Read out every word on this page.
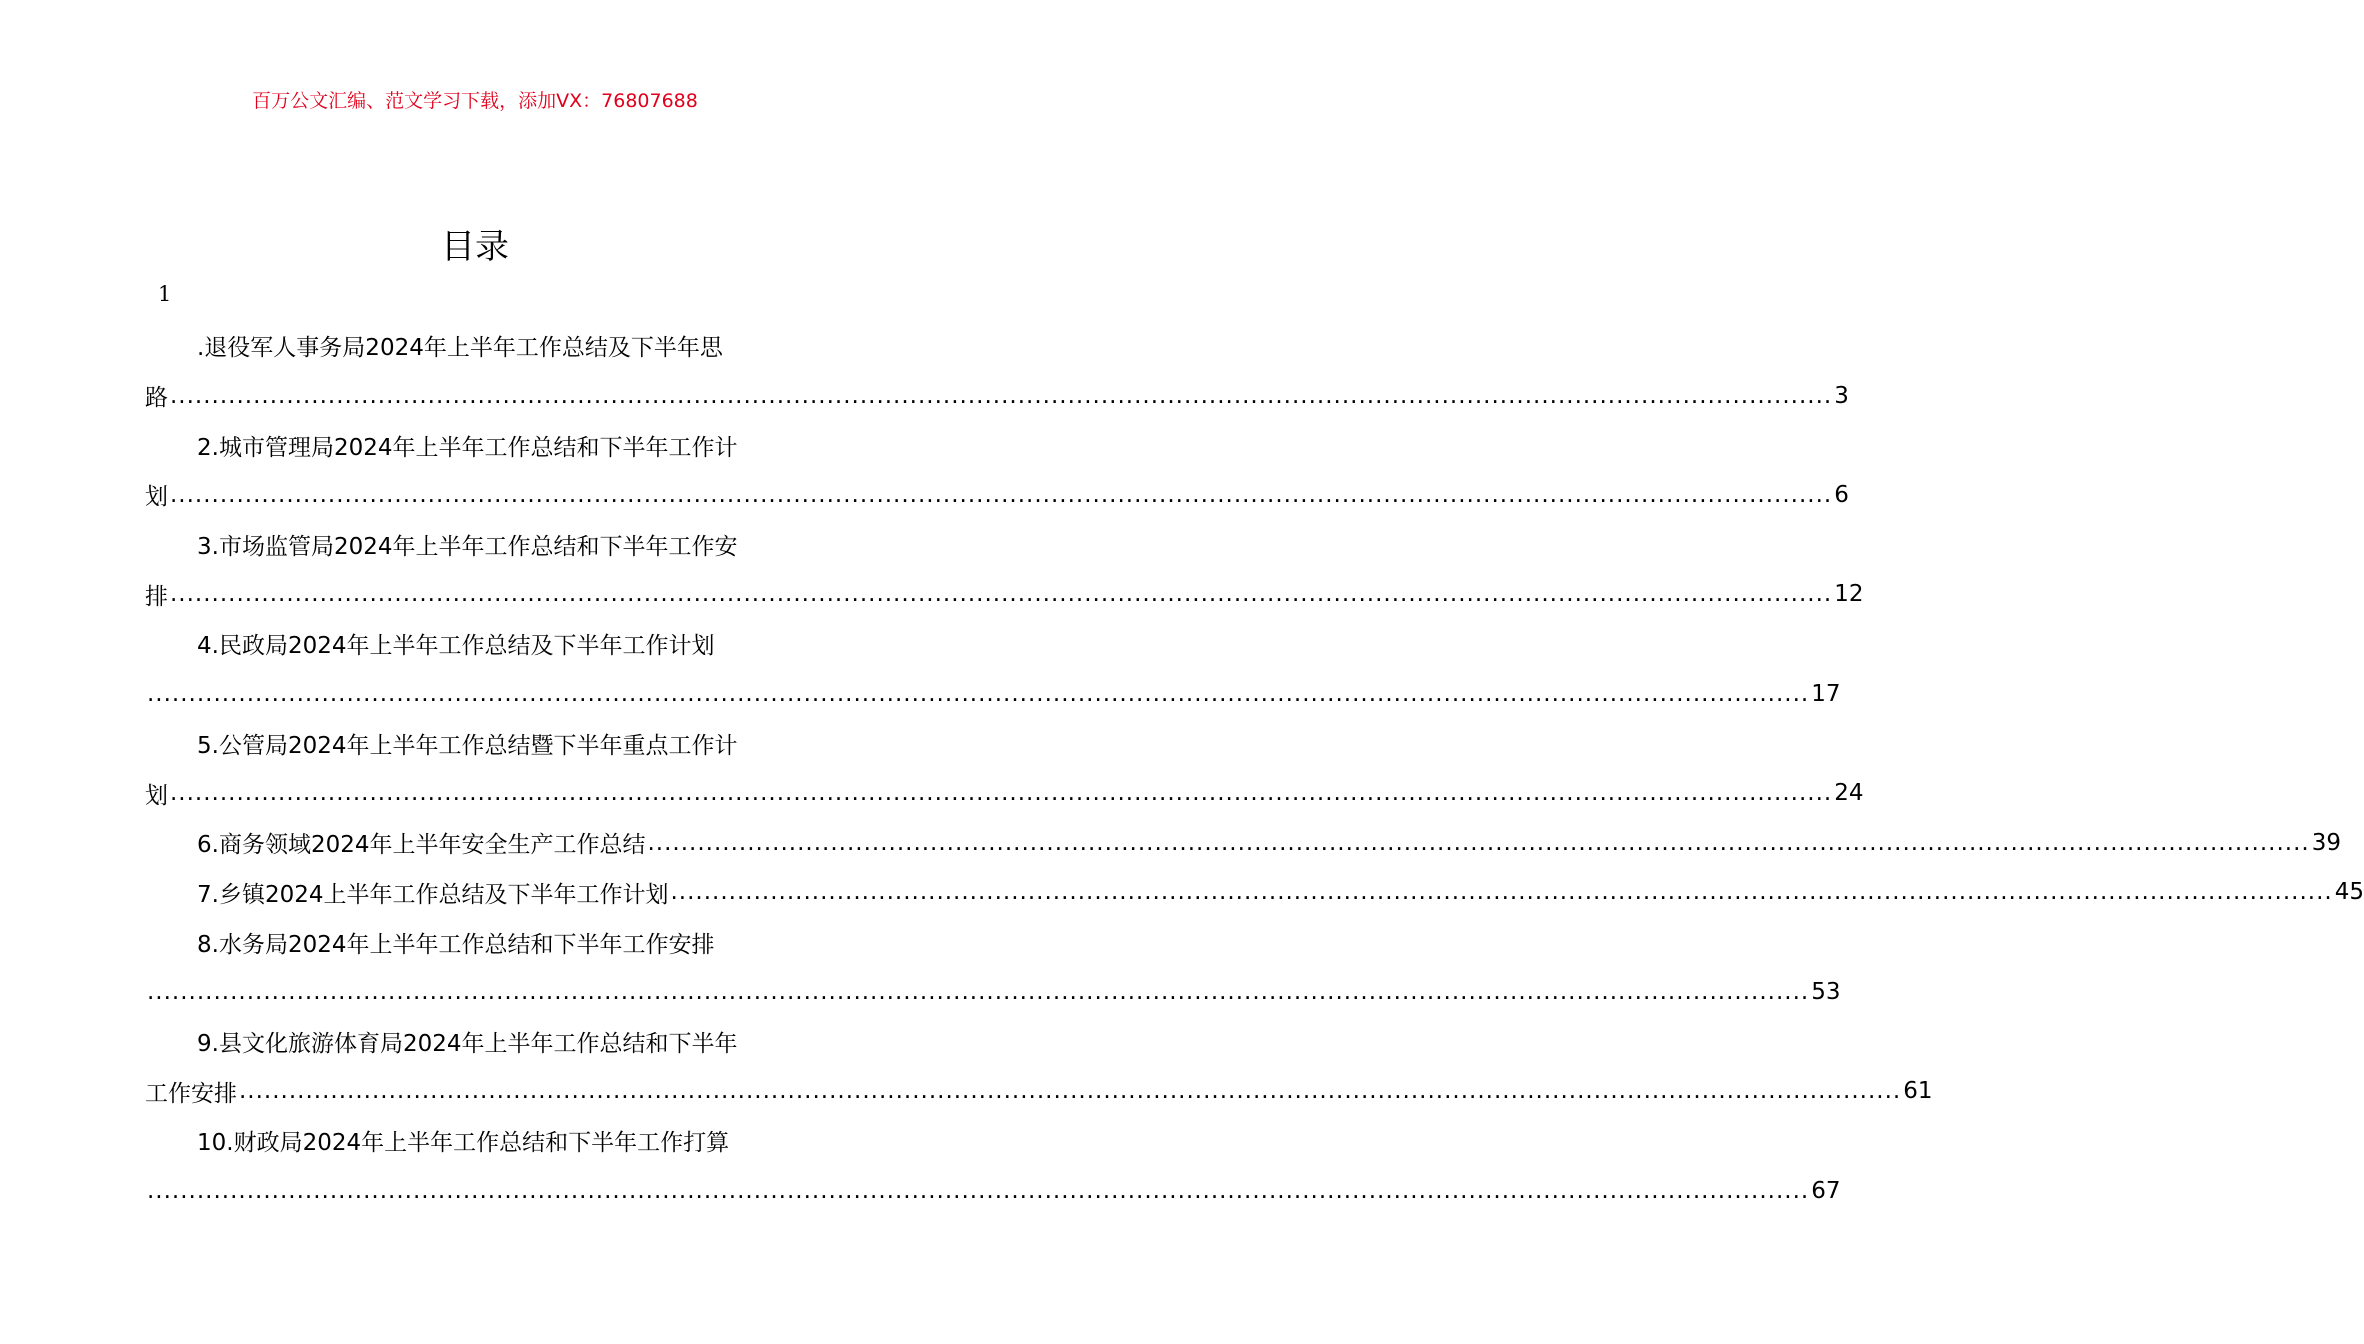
百万公文汇编、范文学习下载，添加VX：76807688
目录
1
.退役军人事务局2024年上半年工作总结及下半年思
路 ........................................................................................................................................................................................................ 3
2.城市管理局2024年上半年工作总结和下半年工作计
划 ........................................................................................................................................................................................................ 6
3.市场监管局2024年上半年工作总结和下半年工作安
排 ........................................................................................................................................................................................................ 12
4.民政局2024年上半年工作总结及下半年工作计划
........................................................................................................................................................................................................ 17
5.公管局2024年上半年工作总结暨下半年重点工作计
划 ........................................................................................................................................................................................................ 24
6.商务领域2024年上半年安全生产工作总结 ........................................................................................................................................................................................................ 39
7.乡镇2024上半年工作总结及下半年工作计划 ........................................................................................................................................................................................................ 45
8.水务局2024年上半年工作总结和下半年工作安排
........................................................................................................................................................................................................ 53
9.县文化旅游体育局2024年上半年工作总结和下半年
工作安排 ........................................................................................................................................................................................................ 61
10.财政局2024年上半年工作总结和下半年工作打算
........................................................................................................................................................................................................ 67
